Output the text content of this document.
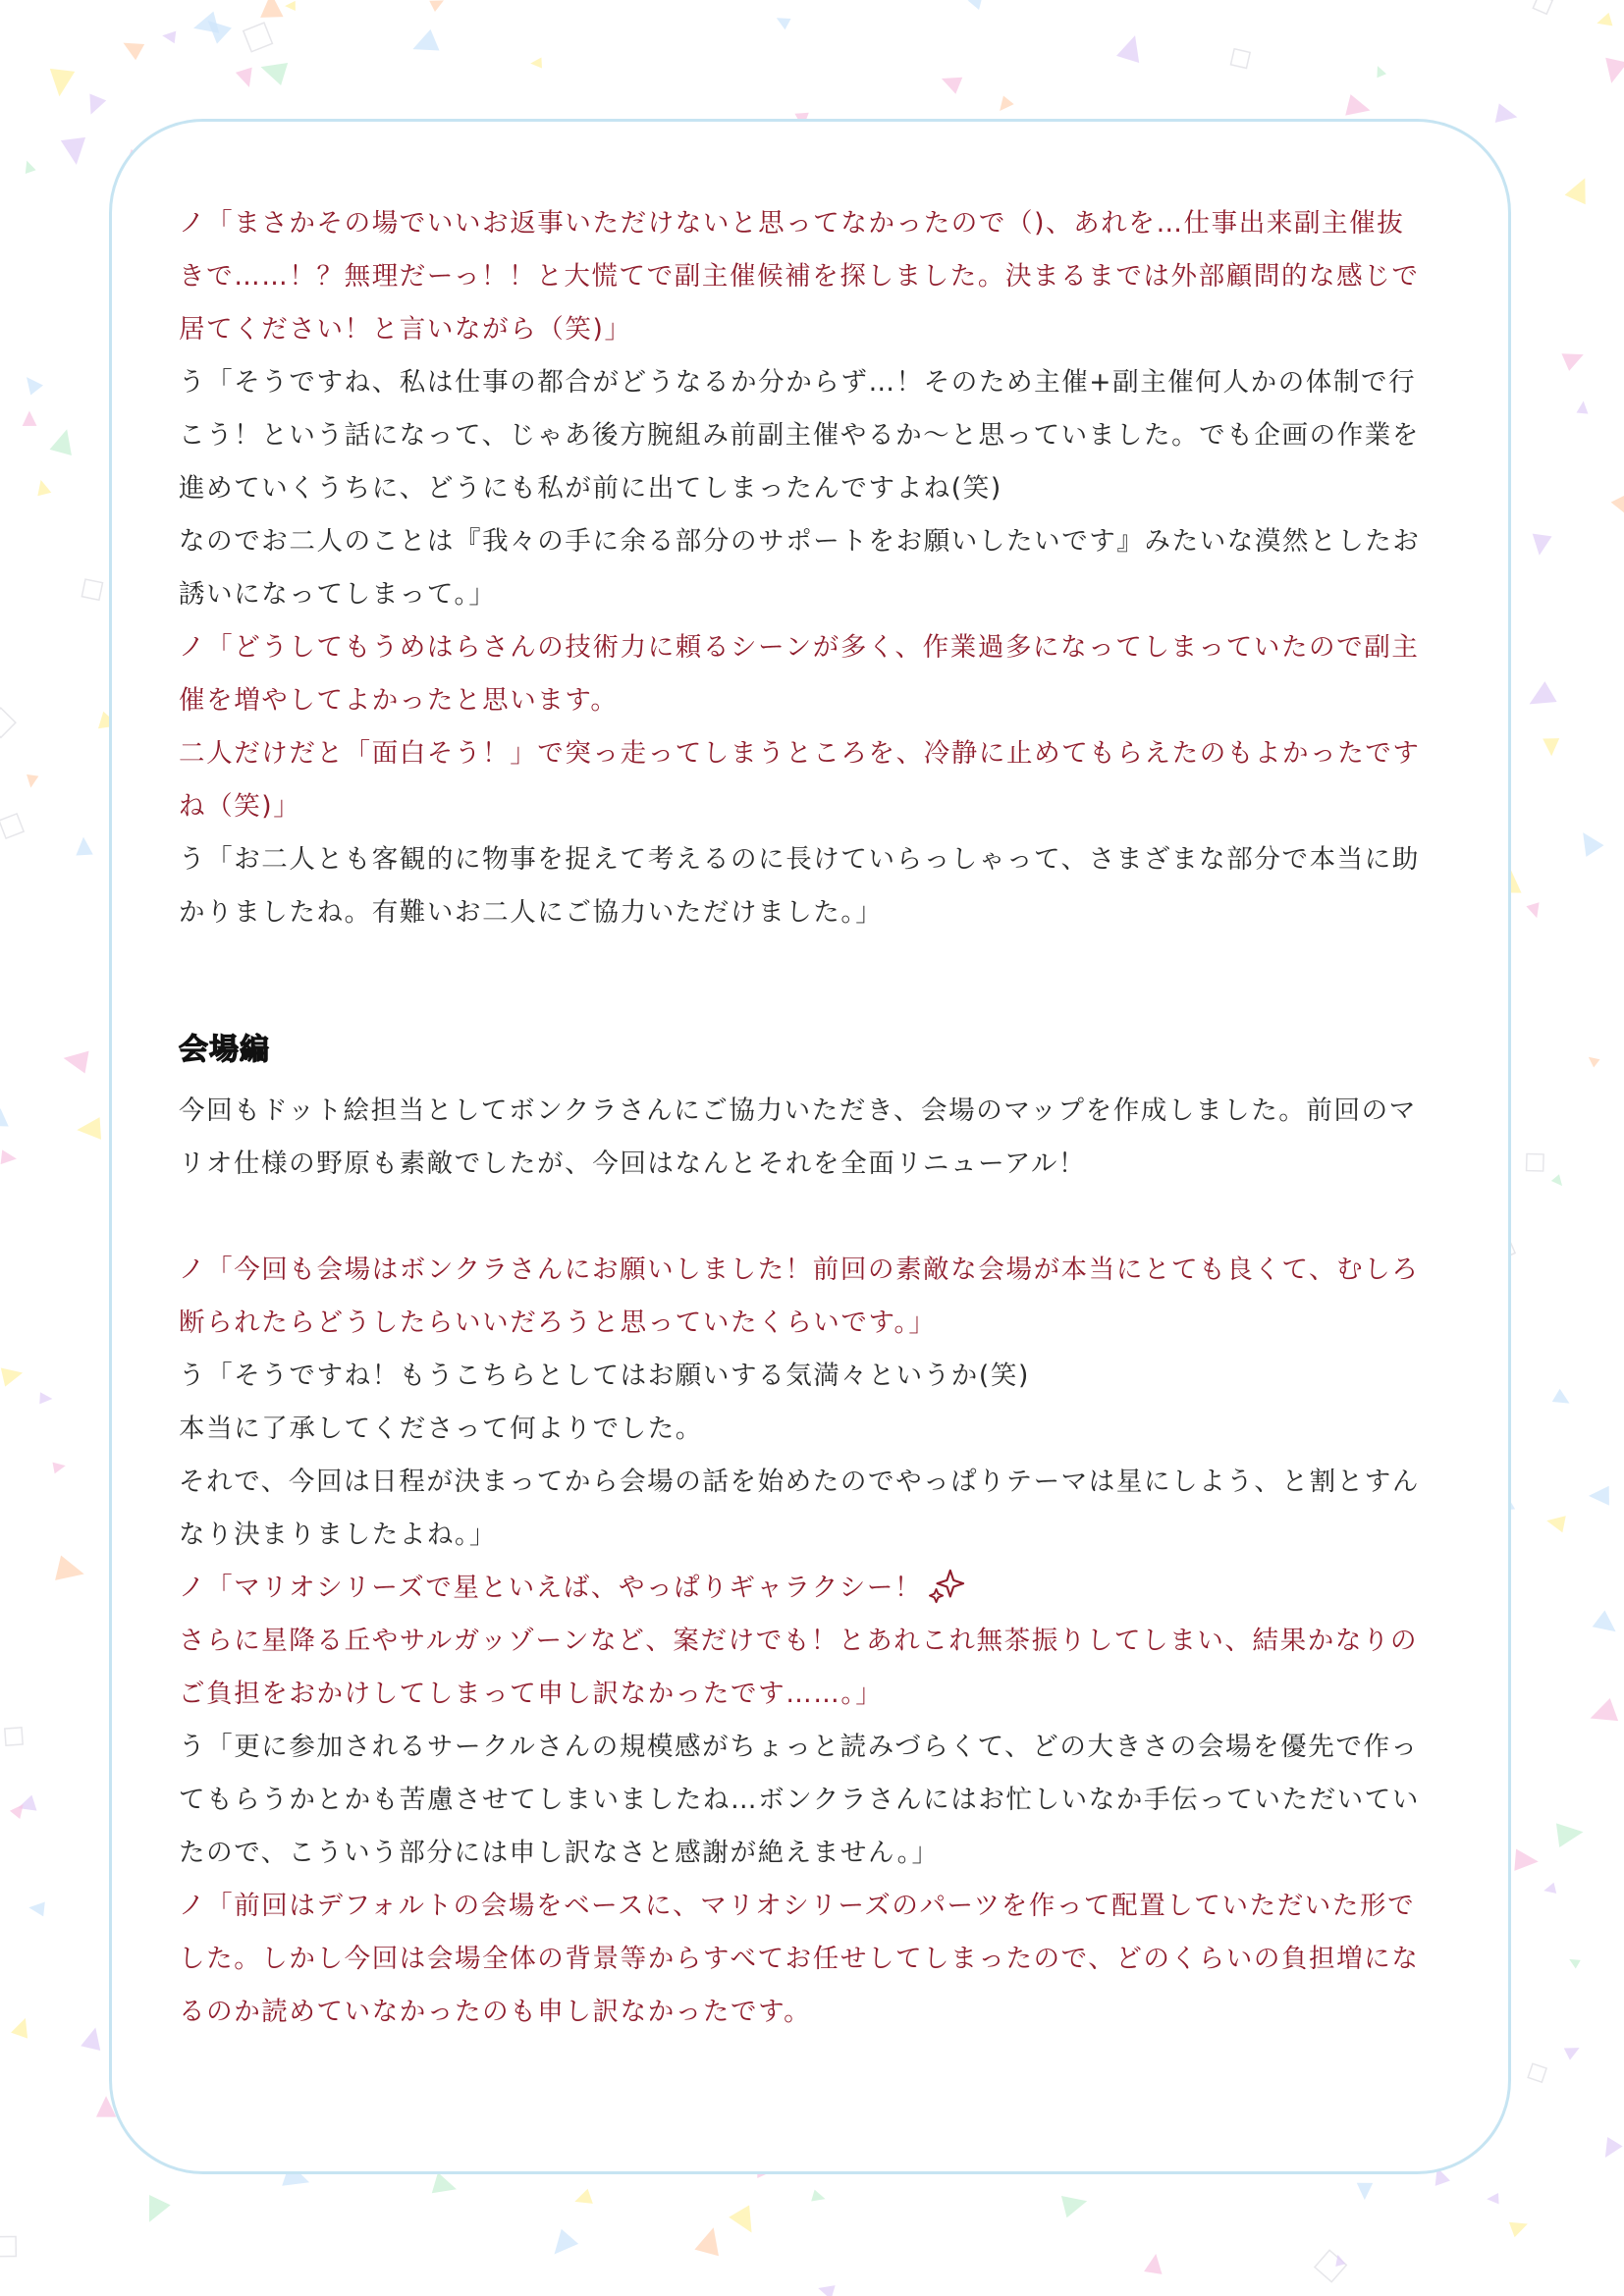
ノ「まさかその場でいいお返事いただけないと思ってなかったので（)、あれを…仕事出来副主催抜
きで……！？無理だーっ！！と大慌てで副主催候補を探しました。決まるまでは外部顧問的な感じで
居てください！と言いながら（笑)」
う「そうですね、私は仕事の都合がどうなるか分からず…！そのため主催+副主催何人かの体制で行
こう！という話になって、じゃあ後方腕組み前副主催やるか〜と思っていました。でも企画の作業を
進めていくうちに、どうにも私が前に出てしまったんですよね(笑)
なのでお二人のことは『我々の手に余る部分のサポートをお願いしたいです』みたいな漠然としたお
誘いになってしまって。」
ノ「どうしてもうめはらさんの技術力に頼るシーンが多く、作業過多になってしまっていたので副主
催を増やしてよかったと思います。
二人だけだと「面白そう！」で突っ走ってしまうところを、冷静に止めてもらえたのもよかったです
ね（笑)」
う「お二人とも客観的に物事を捉えて考えるのに長けていらっしゃって、さまざまな部分で本当に助
かりましたね。有難いお二人にご協力いただけました。」
会場編
今回もドット絵担当としてボンクラさんにご協力いただき、会場のマップを作成しました。前回のマ
リオ仕様の野原も素敵でしたが、今回はなんとそれを全面リニューアル！
ノ「今回も会場はボンクラさんにお願いしました！前回の素敵な会場が本当にとても良くて、むしろ
断られたらどうしたらいいだろうと思っていたくらいです。」
う「そうですね！もうこちらとしてはお願いする気満々というか(笑)
本当に了承してくださって何よりでした。
それで、今回は日程が決まってから会場の話を始めたのでやっぱりテーマは星にしよう、と割とすん
なり決まりましたよね。」
ノ「マリオシリーズで星といえば、やっぱりギャラクシー！
さらに星降る丘やサルガッゾーンなど、案だけでも！とあれこれ無茶振りしてしまい、結果かなりの
ご負担をおかけしてしまって申し訳なかったです……。」
う「更に参加されるサークルさんの規模感がちょっと読みづらくて、どの大きさの会場を優先で作っ
てもらうかとかも苦慮させてしまいましたね…ボンクラさんにはお忙しいなか手伝っていただいてい
たので、こういう部分には申し訳なさと感謝が絶えません。」
ノ「前回はデフォルトの会場をベースに、マリオシリーズのパーツを作って配置していただいた形で
した。しかし今回は会場全体の背景等からすべてお任せしてしまったので、どのくらいの負担増にな
るのか読めていなかったのも申し訳なかったです。
